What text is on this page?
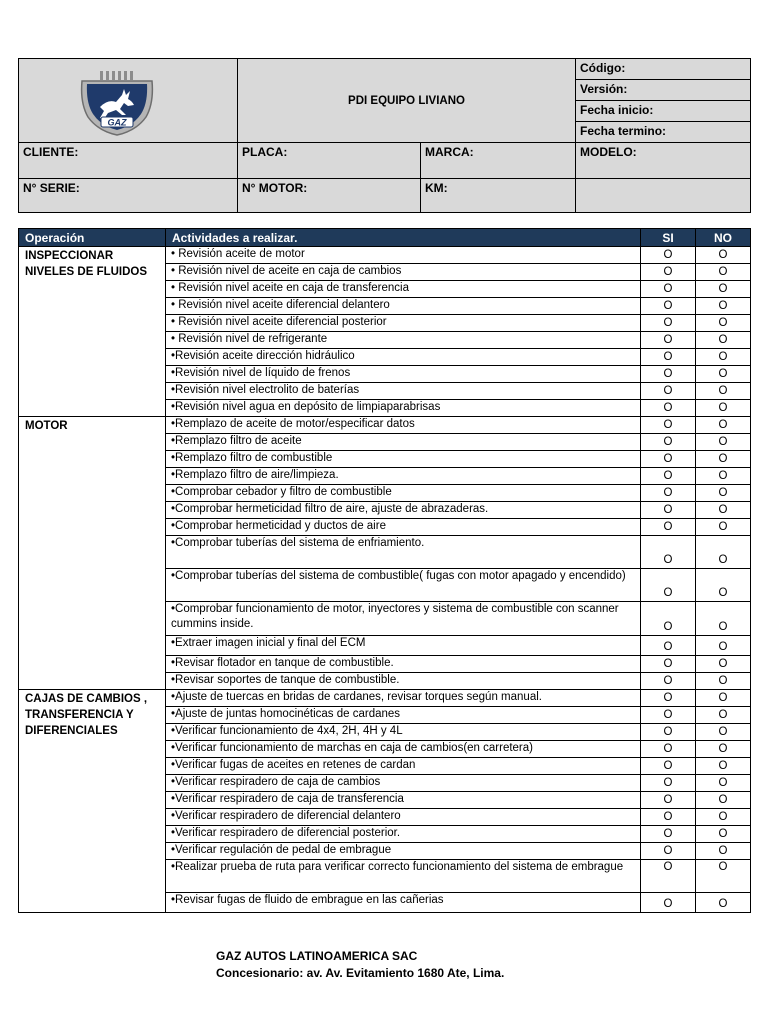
GAZ	PDI EQUIPO LIVIANO		Código:
			Versión:
			Fecha inicio:
			Fecha termino:
CLIENTE:	PLACA:	MARCA:	MODELO:
N° SERIE:	N° MOTOR:	KM:	
Operación	Actividades a realizar.	SI	NO
INSPECCIONAR NIVELES DE FLUIDOS	• Revisión aceite de motor	O	O
	• Revisión nivel de aceite en caja de cambios	O	O
	• Revisión nivel aceite en caja de transferencia	O	O
	• Revisión nivel aceite diferencial delantero	O	O
	• Revisión nivel aceite diferencial posterior	O	O
	• Revisión nivel de refrigerante	O	O
	•Revisión aceite dirección hidráulico	O	O
	•Revisión nivel de líquido de frenos	O	O
	•Revisión nivel electrolito de baterías	O	O
	•Revisión nivel agua en depósito de limpiaparabrisas	O	O
MOTOR	•Remplazo de aceite de motor/especificar datos	O	O
	•Remplazo filtro de aceite	O	O
	•Remplazo filtro de combustible	O	O
	•Remplazo filtro de aire/limpieza.	O	O
	•Comprobar cebador y filtro de combustible	O	O
	•Comprobar hermeticidad filtro de aire, ajuste de abrazaderas.	O	O
	•Comprobar hermeticidad y ductos de aire	O	O
	•Comprobar tuberías del sistema de enfriamiento.	O	O
	•Comprobar tuberías del sistema de combustible( fugas con motor apagado y encendido)	O	O
	•Comprobar funcionamiento de motor, inyectores y sistema de combustible con scanner cummins inside.	O	O
	•Extraer imagen inicial y final del ECM	O	O
	•Revisar flotador en tanque de combustible.	O	O
	•Revisar soportes de tanque de combustible.	O	O
CAJAS DE CAMBIOS , TRANSFERENCIA Y DIFERENCIALES	•Ajuste de tuercas en bridas de cardanes, revisar torques según manual.	O	O
	•Ajuste de juntas homocinéticas de cardanes	O	O
	•Verificar funcionamiento de 4x4, 2H, 4H y 4L	O	O
	•Verificar funcionamiento de marchas en caja de cambios(en carretera)	O	O
	•Verificar fugas de aceites en retenes de cardan	O	O
	•Verificar respiradero de caja de cambios	O	O
	•Verificar respiradero de caja de transferencia	O	O
	•Verificar respiradero de diferencial delantero	O	O
	•Verificar respiradero de diferencial posterior.	O	O
	•Verificar regulación de pedal de embrague	O	O
	•Realizar prueba de ruta para verificar correcto funcionamiento del sistema de embrague	O	O
	•Revisar fugas de fluido de embrague en las cañerias	O	O
GAZ AUTOS LATINOAMERICA SAC
Concesionario: av. Av. Evitamiento 1680 Ate, Lima.
